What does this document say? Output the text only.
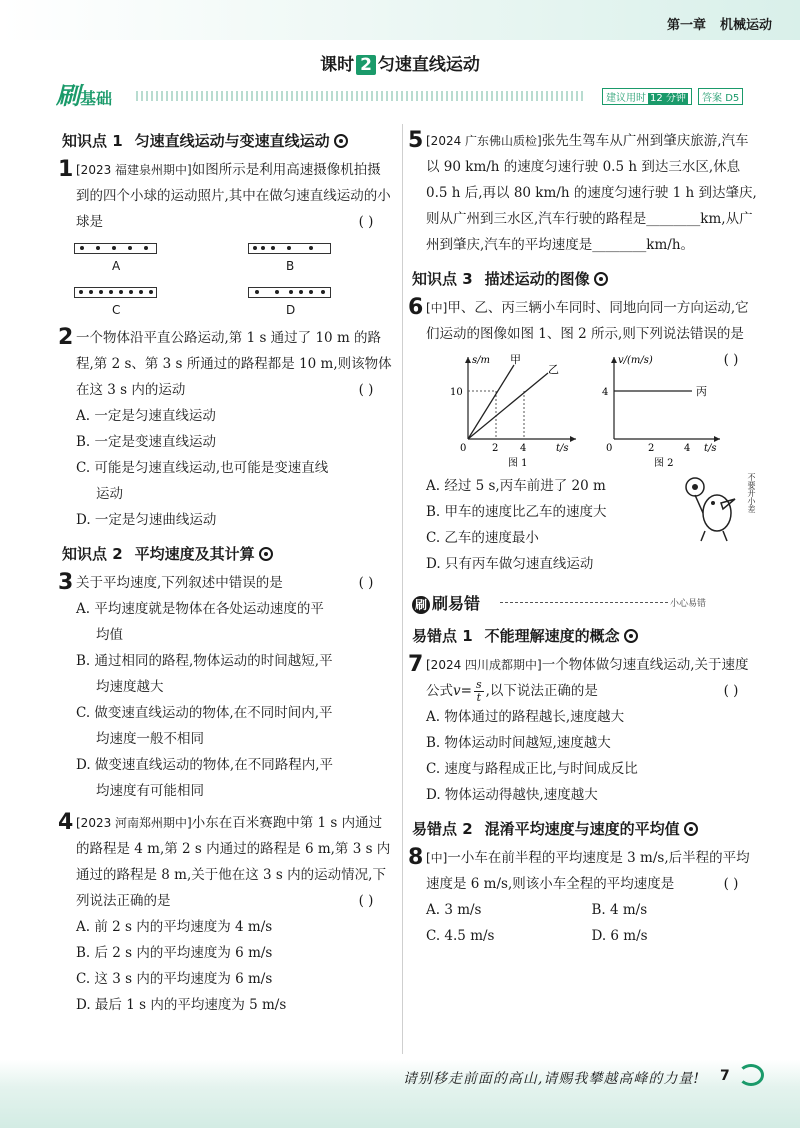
第一章 机械运动
课时 2 匀速直线运动
刷基础	建议用时 12 分钟	答案 D5
知识点 1 匀速直线运动与变速直线运动
1 [2023 福建泉州期中]如图所示是利用高速摄像机拍摄到的四个小球的运动照片,其中在做匀速直线运动的小球是	( )
A	B
C	D
2 一个物体沿平直公路运动,第 1 s 通过了 10 m 的路程,第 2 s、第 3 s 所通过的路程都是 10 m,则该物体在这 3 s 内的运动	( )
A. 一定是匀速直线运动
B. 一定是变速直线运动
C. 可能是匀速直线运动,也可能是变速直线
运动
D. 一定是匀速曲线运动
知识点 2 平均速度及其计算
3 关于平均速度,下列叙述中错误的是	( )
A. 平均速度就是物体在各处运动速度的平
均值
B. 通过相同的路程,物体运动的时间越短,平
均速度越大
C. 做变速直线运动的物体,在不同时间内,平
均速度一般不相同
D. 做变速直线运动的物体,在不同路程内,平
均速度有可能相同
4 [2023 河南郑州期中]小东在百米赛跑中第 1 s 内通过的路程是 4 m,第 2 s 内通过的路程是 6 m,第 3 s 内通过的路程是 8 m,关于他在这 3 s 内的运动情况,下列说法正确的是	( )
A. 前 2 s 内的平均速度为 4 m/s
B. 后 2 s 内的平均速度为 6 m/s
C. 这 3 s 内的平均速度为 6 m/s
D. 最后 1 s 内的平均速度为 5 m/s
5 [2024 广东佛山质检]张先生驾车从广州到肇庆旅游,汽车以 90 km/h 的速度匀速行驶 0.5 h 到达三水区,休息 0.5 h 后,再以 80 km/h 的速度匀速行驶 1 h 到达肇庆,则从广州到三水区,汽车行驶的路程是________km,从广州到肇庆,汽车的平均速度是________km/h。
知识点 3 描述运动的图像
6 [中]甲、乙、丙三辆小车同时、同地向同一方向运动,它们运动的图像如图 1、图 2 所示,则下列说法错误的是
( )
s/m
t/s
0
10
2 4
甲
乙
图 1
v/(m/s)
t/s
0
4
2	4
丙
图 2
A. 经过 5 s,丙车前进了 20 m
B. 甲车的速度比乙车的速度大
C. 乙车的速度最小
D. 只有丙车做匀速直线运动
不要开小差
刷 刷易错	小心易错
易错点 1 不能理解速度的概念
7 [2024 四川成都期中]一个物体做匀速直线运动,关于速度公式$v= \frac{s}{t}$ ,以下说法正确的是	( )
A. 物体通过的路程越长,速度越大
B. 物体运动时间越短,速度越大
C. 速度与路程成正比,与时间成反比
D. 物体运动得越快,速度越大
易错点 2 混淆平均速度与速度的平均值
8 [中]一小车在前半程的平均速度是 3 m/s,后半程的平均速度是 6 m/s,则该小车全程的平均速度是	( )
A. 3 m/s	B. 4 m/s
C. 4.5 m/s	D. 6 m/s
请别移走前面的高山,请赐我攀越高峰的力量! 7
